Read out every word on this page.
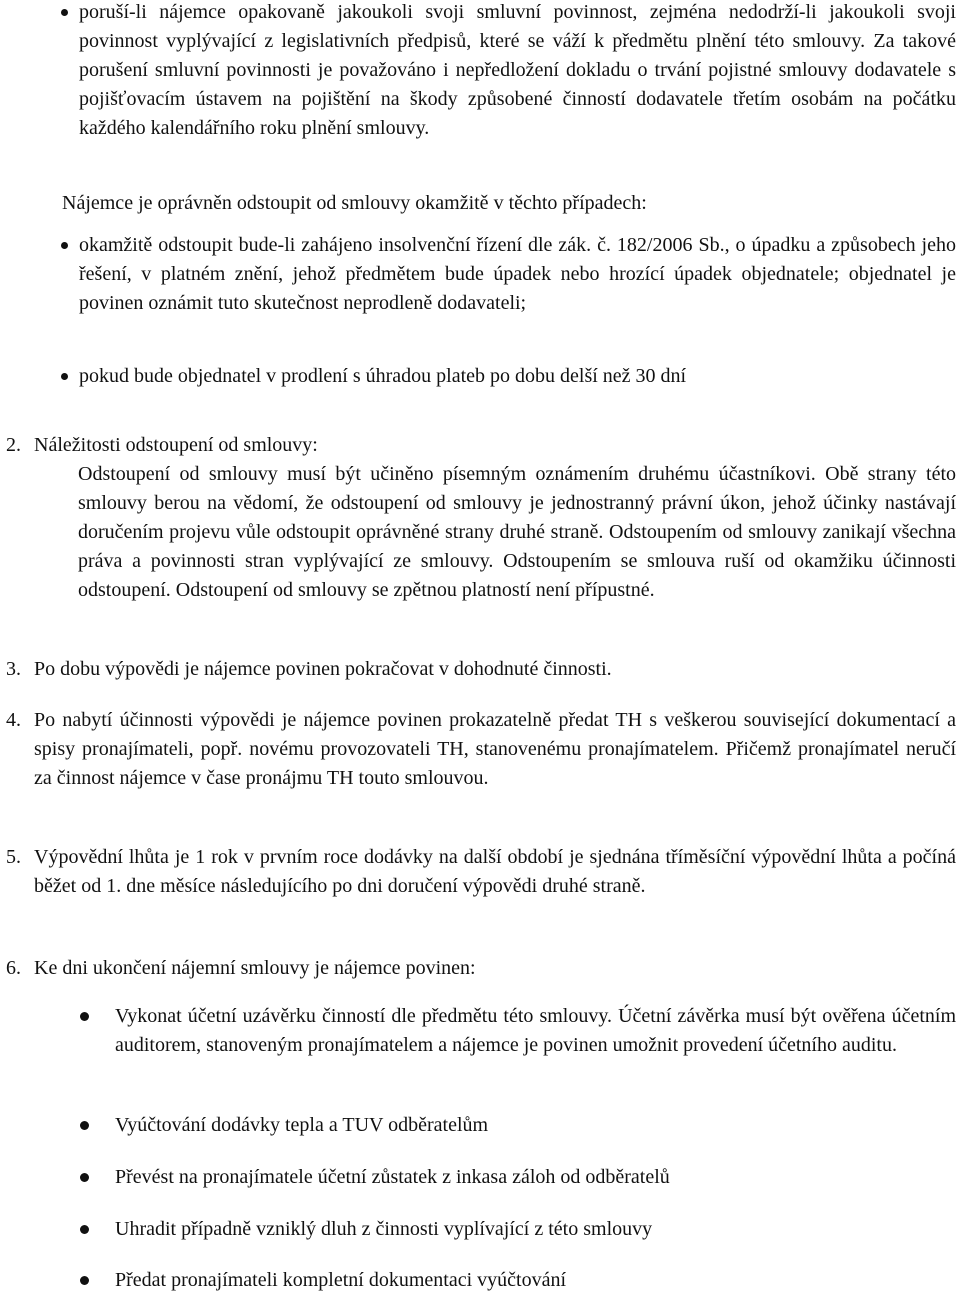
poruší-li nájemce opakovaně jakoukoli svoji smluvní povinnost, zejména nedodrží-li jakoukoli svoji povinnost vyplývající z legislativních předpisů, které se váží k předmětu plnění této smlouvy. Za takové porušení smluvní povinnosti je považováno i nepředložení dokladu o trvání pojistné smlouvy dodavatele s pojišťovacím ústavem na pojištění na škody způsobené činností dodavatele třetím osobám na počátku každého kalendářního roku plnění smlouvy.
Nájemce je oprávněn odstoupit od smlouvy okamžitě v těchto případech:
okamžitě odstoupit bude-li zahájeno insolvenční řízení dle zák. č. 182/2006 Sb., o úpadku a způsobech jeho řešení, v platném znění, jehož předmětem bude úpadek nebo hrozící úpadek objednatele; objednatel je povinen oznámit tuto skutečnost neprodleně dodavateli;
pokud bude objednatel v prodlení s úhradou plateb po dobu delší než 30 dní
2. Náležitosti odstoupení od smlouvy:
Odstoupení od smlouvy musí být učiněno písemným oznámením druhému účastníkovi. Obě strany této smlouvy berou na vědomí, že odstoupení od smlouvy je jednostranný právní úkon, jehož účinky nastávají doručením projevu vůle odstoupit oprávněné strany druhé straně. Odstoupením od smlouvy zanikají všechna práva a povinnosti stran vyplývající ze smlouvy. Odstoupením se smlouva ruší od okamžiku účinnosti odstoupení. Odstoupení od smlouvy se zpětnou platností není přípustné.
3. Po dobu výpovědi je nájemce povinen pokračovat v dohodnuté činnosti.
4. Po nabytí účinnosti výpovědi je nájemce povinen prokazatelně předat TH s veškerou související dokumentací a spisy pronajímateli, popř. novému provozovateli TH, stanovenému pronajímatelem. Přičemž pronajímatel neručí za činnost nájemce v čase pronájmu TH touto smlouvou.
5. Výpovědní lhůta je 1 rok v prvním roce dodávky na další období je sjednána tříměsíční výpovědní lhůta a počíná běžet od 1. dne měsíce následujícího po dni doručení výpovědi druhé straně.
6. Ke dni ukončení nájemní smlouvy je nájemce povinen:
Vykonat účetní uzávěrku činností dle předmětu této smlouvy. Účetní závěrka musí být ověřena účetním auditorem, stanoveným pronajímatelem a nájemce je povinen umožnit provedení účetního auditu.
Vyúčtování dodávky tepla a TUV odběratelům
Převést na pronajímatele účetní zůstatek z inkasa záloh od odběratelů
Uhradit případně vzniklý dluh z činnosti vyplívající z této smlouvy
Předat pronajímateli kompletní dokumentaci vyúčtování
